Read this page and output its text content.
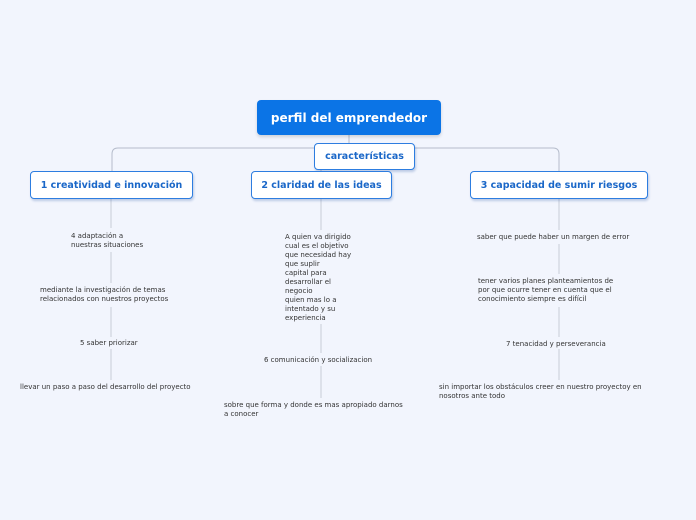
perfil del emprendedor
características
1 creatividad e innovación	2 claridad de las ideas	3 capacidad de sumir riesgos
4 adaptación a
nuestras situaciones
mediante la investigación de temas
relacionados con nuestros proyectos
5 saber priorizar
llevar un paso a paso del desarrollo del proyecto
A quien va dirigido
cual es el objetivo
que necesidad hay
que suplir
capital para
desarrollar el
negocio
quien mas lo a
intentado y su
experiencia
6 comunicación y socializacion
sobre que forma y donde es mas apropiado darnos
a conocer
saber que puede haber un margen de error
tener varios planes planteamientos de
por que ocurre tener en cuenta que el
conocimiento siempre es difícil
7 tenacidad y perseverancia
sin importar los obstáculos creer en nuestro proyectoy en
nosotros ante todo
